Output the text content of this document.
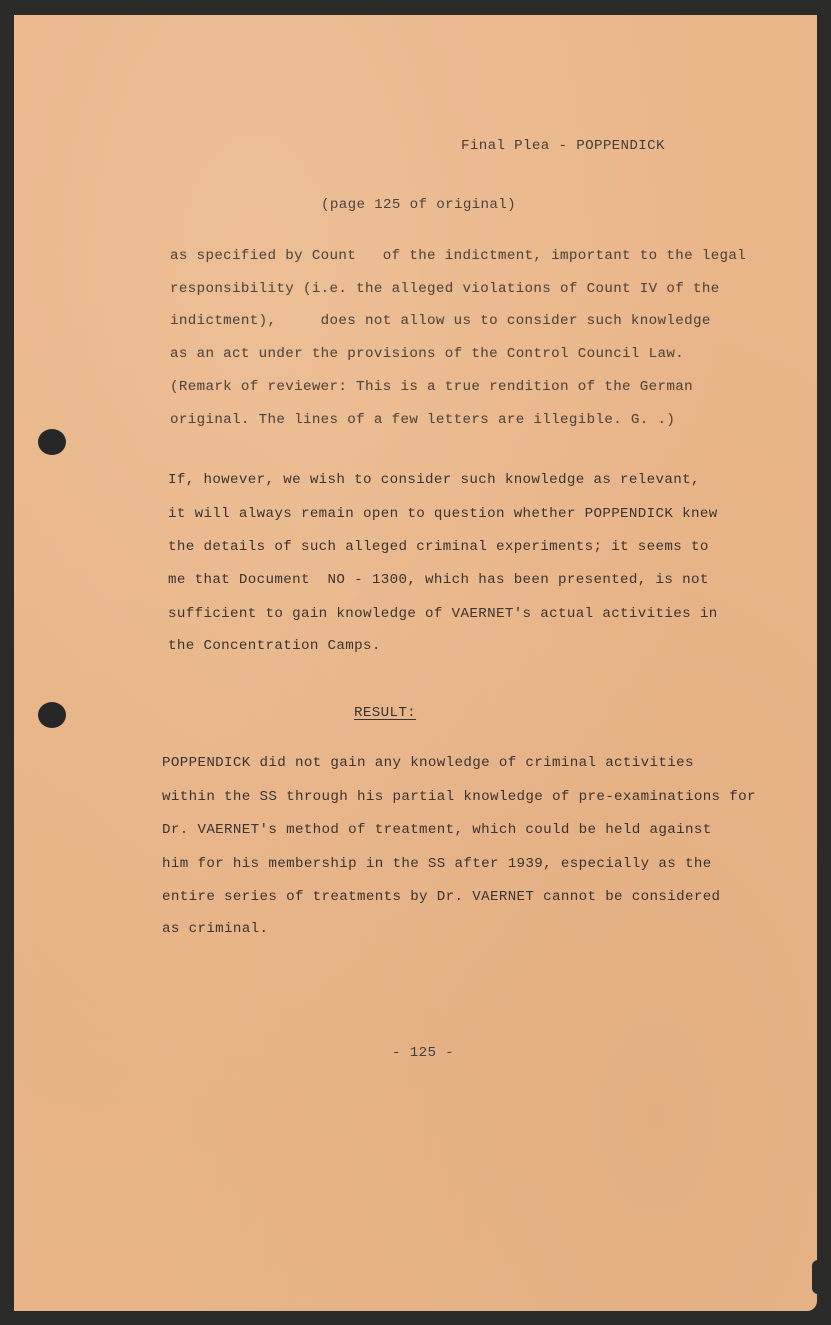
Final Plea - POPPENDICK
(page 125 of original)

as specified by Count   of the indictment, important to the legal

responsibility (i.e. the alleged violations of Count IV of the

indictment),     does not allow us to consider such knowledge

as an act under the provisions of the Control Council Law.

(Remark of reviewer: This is a true rendition of the German

original. The lines of a few letters are illegible. G. .)

If, however, we wish to consider such knowledge as relevant,

it will always remain open to question whether POPPENDICK knew

the details of such alleged criminal experiments; it seems to

me that Document  NO - 1300, which has been presented, is not

sufficient to gain knowledge of VAERNET's actual activities in

the Concentration Camps.

RESULT:

POPPENDICK did not gain any knowledge of criminal activities

within the SS through his partial knowledge of pre-examinations for

Dr. VAERNET's method of treatment, which could be held against

him for his membership in the SS after 1939, especially as the

entire series of treatments by Dr. VAERNET cannot be considered

as criminal.

- 125 -
